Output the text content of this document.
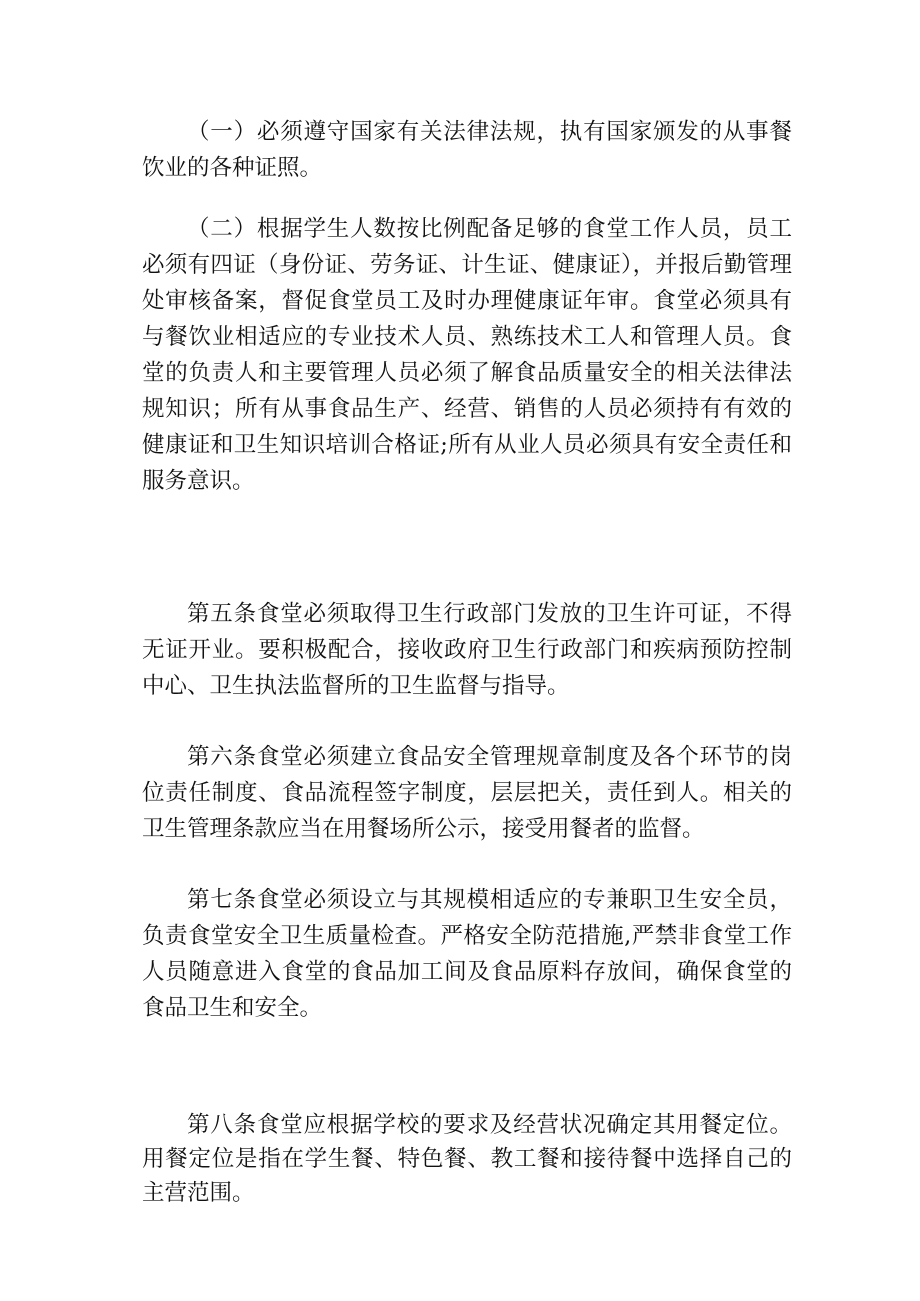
（一）必须遵守国家有关法律法规，执有国家颁发的从事餐饮业的各种证照。

（二）根据学生人数按比例配备足够的食堂工作人员，员工必须有四证（身份证、劳务证、计生证、健康证），并报后勤管理处审核备案，督促食堂员工及时办理健康证年审。食堂必须具有与餐饮业相适应的专业技术人员、熟练技术工人和管理人员。食堂的负责人和主要管理人员必须了解食品质量安全的相关法律法规知识；所有从事食品生产、经营、销售的人员必须持有有效的健康证和卫生知识培训合格证;所有从业人员必须具有安全责任和服务意识。

第五条食堂必须取得卫生行政部门发放的卫生许可证，不得无证开业。要积极配合，接收政府卫生行政部门和疾病预防控制中心、卫生执法监督所的卫生监督与指导。

第六条食堂必须建立食品安全管理规章制度及各个环节的岗位责任制度、食品流程签字制度，层层把关，责任到人。相关的卫生管理条款应当在用餐场所公示，接受用餐者的监督。

第七条食堂必须设立与其规模相适应的专兼职卫生安全员，负责食堂安全卫生质量检查。严格安全防范措施,严禁非食堂工作人员随意进入食堂的食品加工间及食品原料存放间，确保食堂的食品卫生和安全。

第八条食堂应根据学校的要求及经营状况确定其用餐定位。用餐定位是指在学生餐、特色餐、教工餐和接待餐中选择自己的主营范围。
